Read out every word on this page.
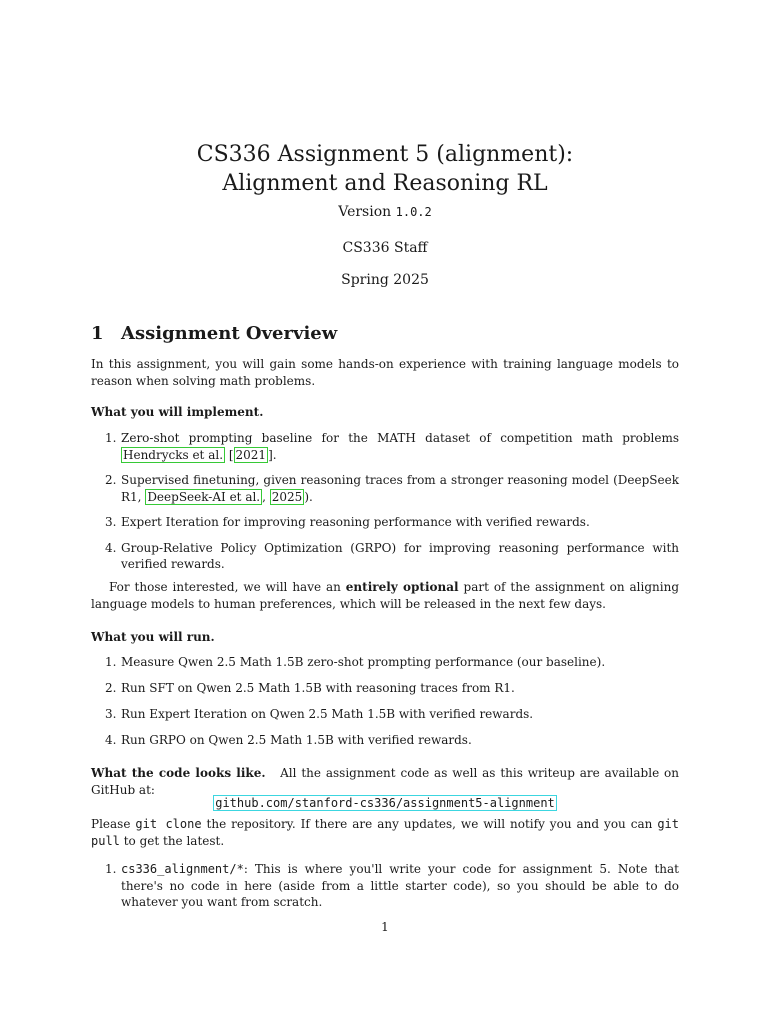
CS336 Assignment 5 (alignment):
Alignment and Reasoning RL
Version 1.0.2
CS336 Staff
Spring 2025
1 Assignment Overview

In this assignment, you will gain some hands-on experience with training language models to reason when solving math problems.

What you will implement.
1. Zero-shot prompting baseline for the MATH dataset of competition math problems Hendrycks et al. [ 2021 ].
2. Supervised finetuning, given reasoning traces from a stronger reasoning model (DeepSeek R1, DeepSeek-AI et al. , 2025 ).
3. Expert Iteration for improving reasoning performance with verified rewards.
4. Group-Relative Policy Optimization (GRPO) for improving reasoning performance with verified rewards.

For those interested, we will have an entirely optional part of the assignment on aligning language models to human preferences, which will be released in the next few days.

What you will run.
1. Measure Qwen 2.5 Math 1.5B zero-shot prompting performance (our baseline).
2. Run SFT on Qwen 2.5 Math 1.5B with reasoning traces from R1.
3. Run Expert Iteration on Qwen 2.5 Math 1.5B with verified rewards.
4. Run GRPO on Qwen 2.5 Math 1.5B with verified rewards.

What the code looks like. All the assignment code as well as this writeup are available on GitHub at:

github.com/stanford-cs336/assignment5-alignment

Please git clone the repository. If there are any updates, we will notify you and you can git pull to get the latest.

1. cs336_alignment/*: This is where you'll write your code for assignment 5. Note that there's no code in here (aside from a little starter code), so you should be able to do whatever you want from scratch.
1
